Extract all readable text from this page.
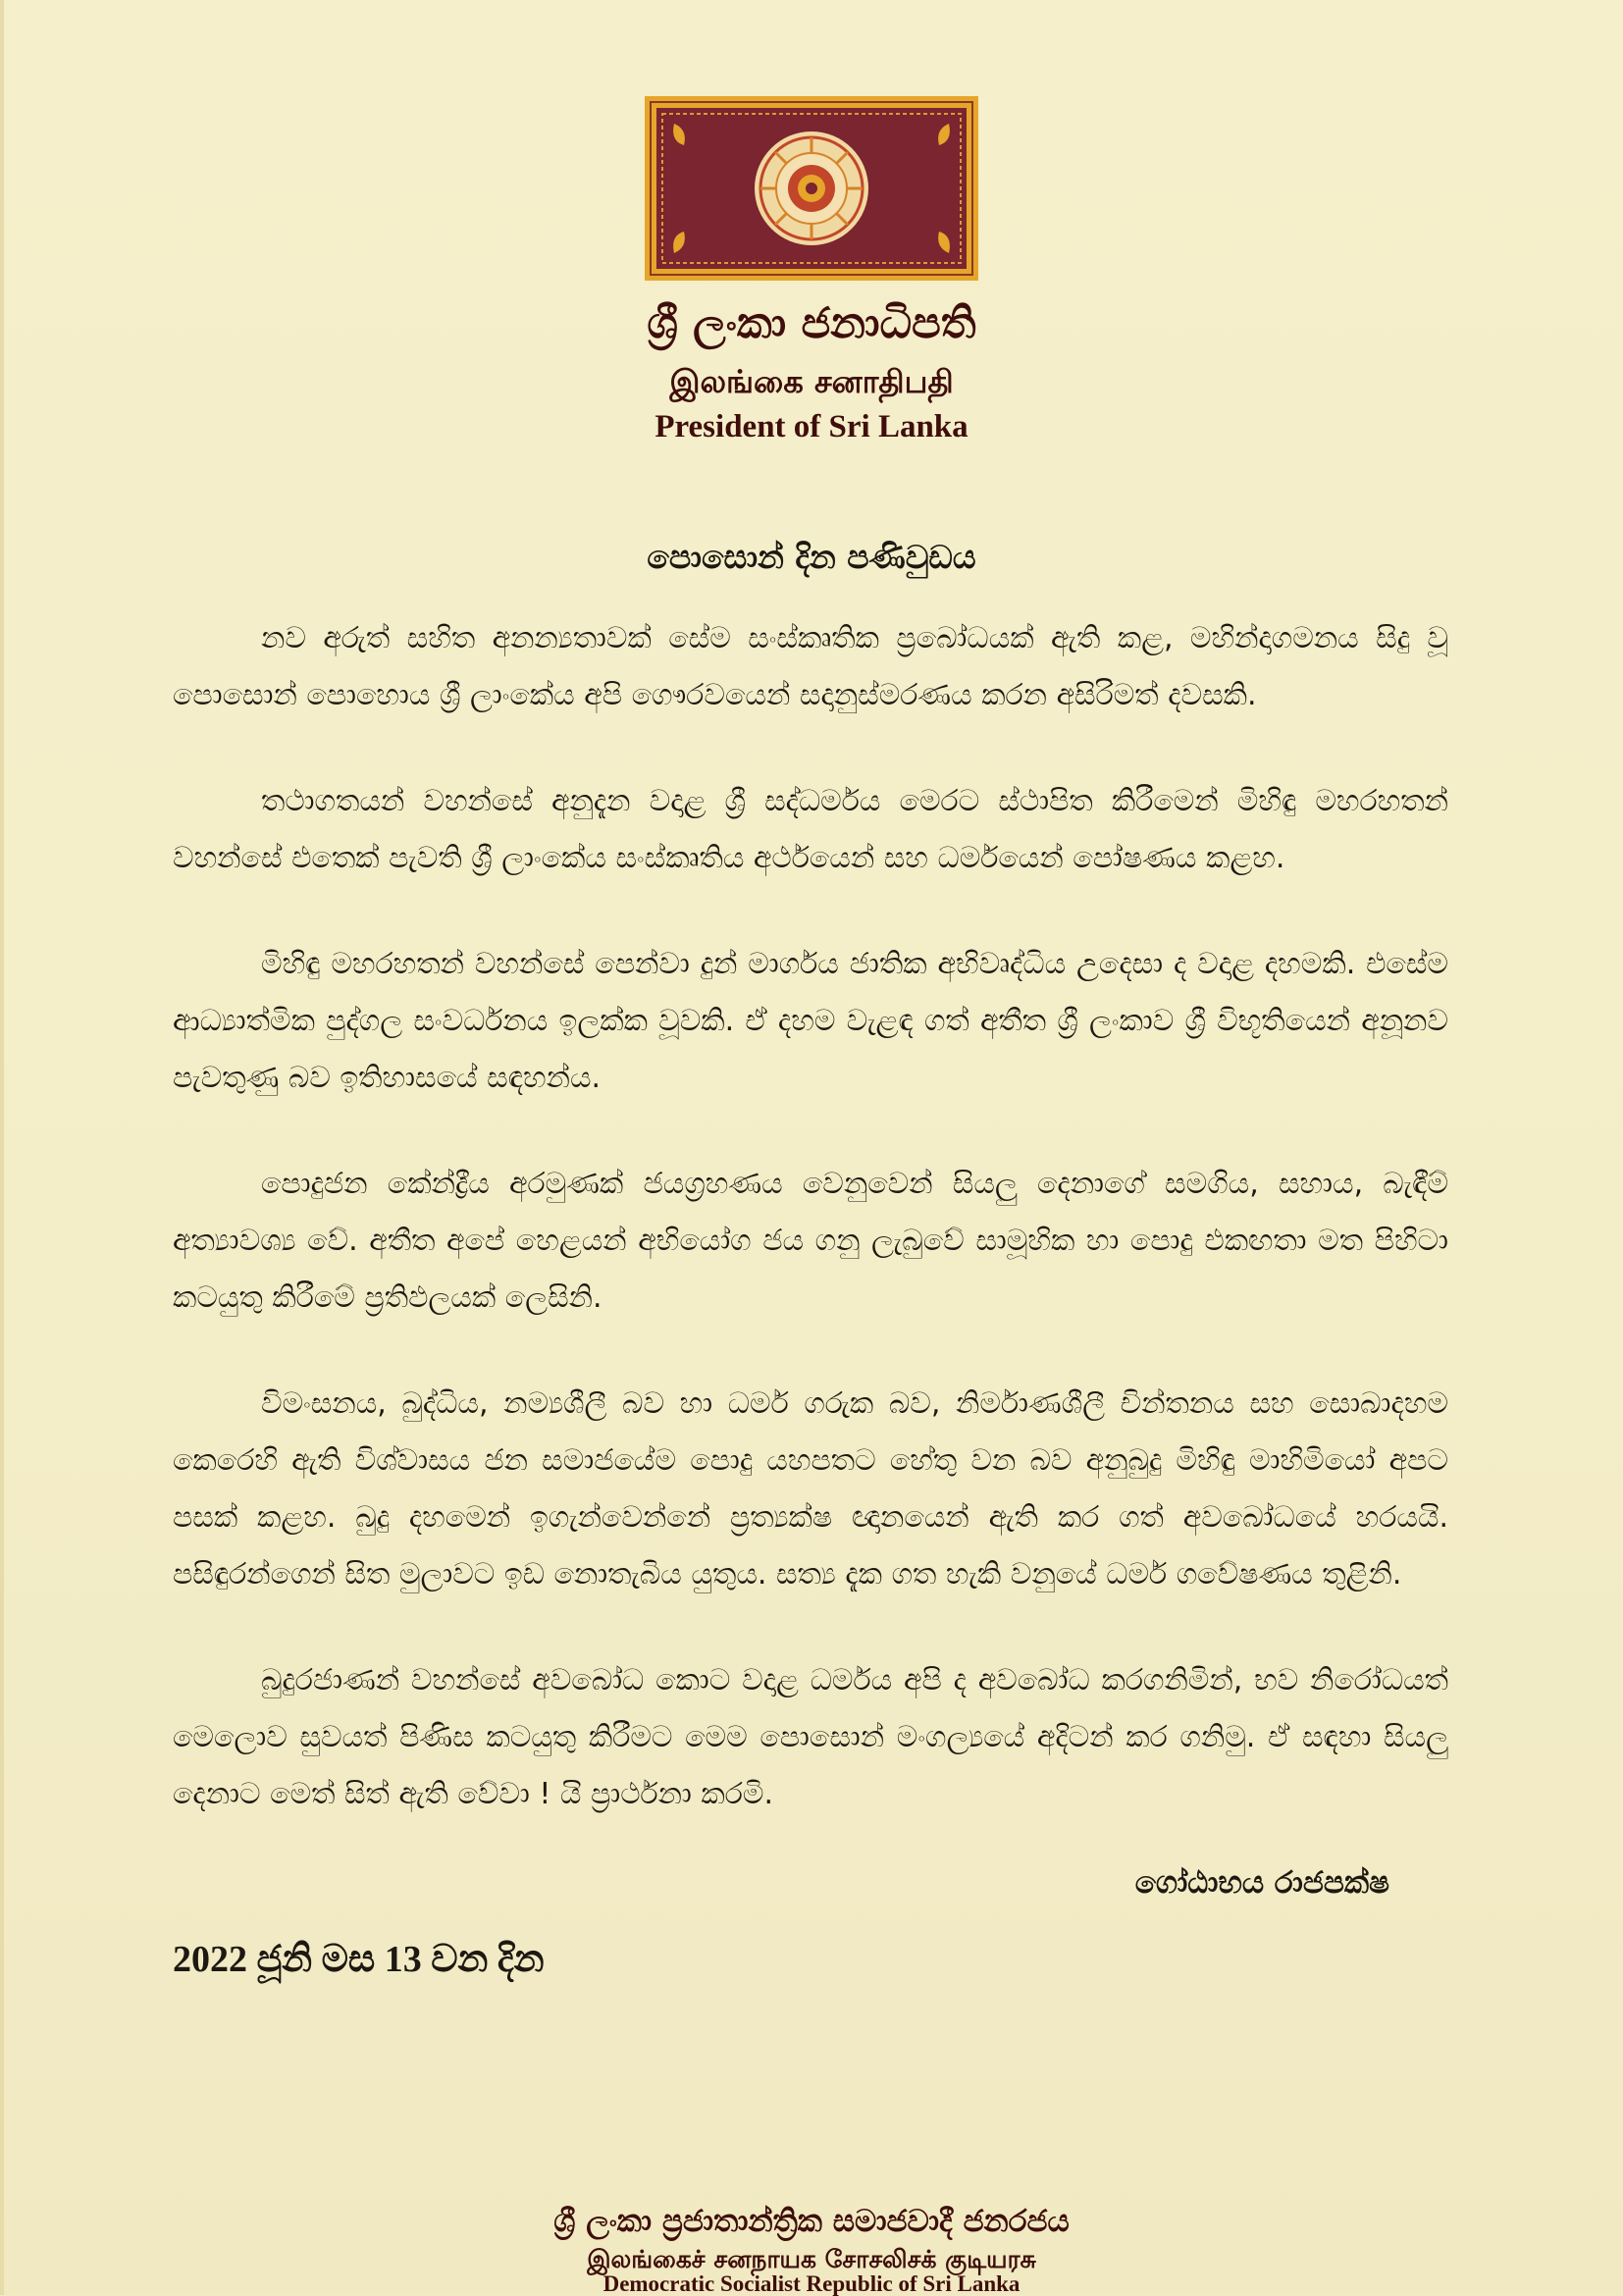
ශ්‍රී ලංකා ජනාධිපති
இலங்கை சனாதிபதி
President of Sri Lanka
පොසොන් දින පණිවුඩය

නව අරුත් සහිත අනන්‍යතාවක් සේම සංස්කෘතික ප්‍රබෝධයක් ඇති කළ, මහින්දාගමනය සිදු වූ පොසොන් පොහොය ශ්‍රී ලාංකේය අපි ගෞරවයෙන් සදානුස්මරණය කරන අසිරිමත් දවසකි.

තථාගතයන් වහන්සේ අනුදැන වදාළ ශ්‍රී සද්ධර්මය මෙරට ස්ථාපිත කිරීමෙන් මිහිඳු මහරහතන් වහන්සේ එතෙක් පැවති ශ්‍රී ලාංකේය සංස්කෘතිය අර්ථයෙන් සහ ධර්මයෙන් පෝෂණය කළහ.

මිහිඳු මහරහතන් වහන්සේ පෙන්වා දුන් මාර්ගය ජාතික අභිවෘද්ධිය උදෙසා ද වදාළ දහමකි. එසේම ආධ්‍යාත්මික පුද්ගල සංවර්ධනය ඉලක්ක වූවකි. ඒ දහම වැළඳ ගත් අතීත ශ්‍රී ලංකාව ශ්‍රී විභූතියෙන් අනූනව පැවතුණු බව ඉතිහාසයේ සඳහන්ය.

පොදුජන කේන්ද්‍රීය අරමුණක් ජයග්‍රහණය වෙනුවෙන් සියලු දෙනාගේ සමගිය, සහාය, බැඳීම් අත්‍යාවශ්‍ය වේ. අතීත අපේ හෙළයන් අභියෝග ජය ගනු ලැබුවේ සාමූහික හා පොදු එකඟතා මත පිහිටා කටයුතු කිරීමේ ප්‍රතිඵලයක් ලෙසිනි.

විමංසනය, බුද්ධිය, නම්‍යශීලී බව හා ධර්ම ගරුක බව, නිර්මාණශීලී චින්තනය සහ සොබාදහම කෙරෙහි ඇති විශ්වාසය ජන සමාජයේම පොදු යහපතට හේතු වන බව අනුබුදු මිහිඳු මාහිමියෝ අපට පසක් කළහ. බුදු දහමෙන් ඉගැන්වෙන්නේ ප්‍රත්‍යක්ෂ ඥානයෙන් ඇති කර ගත් අවබෝධයේ හරයයි. පසිඳුරන්ගෙන් සිත මුලාවට ඉඩ නොතැබිය යුතුය. සත්‍ය දැක ගත හැකි වනුයේ ධර්ම ගවේෂණය තුළිනි.

බුදුරජාණන් වහන්සේ අවබෝධ කොට වදාළ ධර්මය අපි ද අවබෝධ කරගනිමින්, භව නිරෝධයත් මෙලොව සුවයත් පිණිස කටයුතු කිරීමට මෙම පොසොන් මංගල්‍යයේ අදිටන් කර ගනිමු. ඒ සඳහා සියලු දෙනාට මෙත් සිත් ඇති වේවා ! යි ප්‍රාර්ථනා කරමි.

ගෝඨාභය රාජපක්ෂ
2022 ජූනි මස 13 වන දින
ශ්‍රී ලංකා ප්‍රජාතාන්ත්‍රික සමාජවාදී ජනරජය
இலங்கைச் சனநாயக சோசலிசக் குடியரசு
Democratic Socialist Republic of Sri Lanka
